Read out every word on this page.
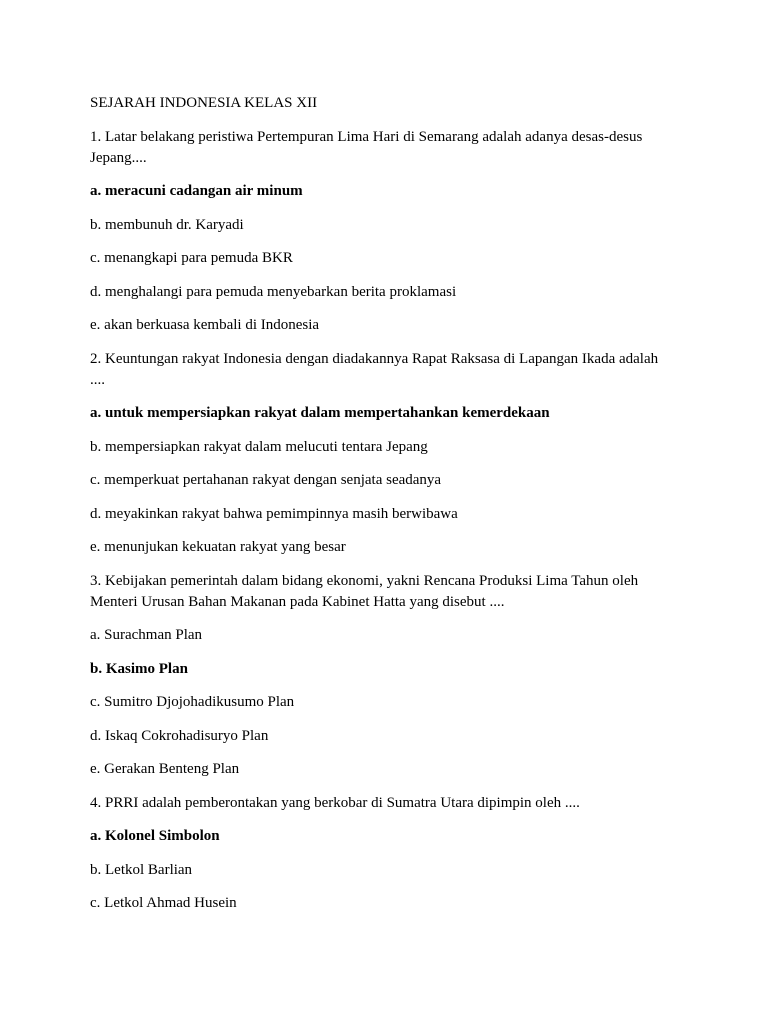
SEJARAH INDONESIA KELAS XII

1. Latar belakang peristiwa Pertempuran Lima Hari di Semarang adalah adanya desas-desus Jepang....

a. meracuni cadangan air minum

b. membunuh dr. Karyadi

c. menangkapi para pemuda BKR

d. menghalangi para pemuda menyebarkan berita proklamasi

e. akan berkuasa kembali di Indonesia

2. Keuntungan rakyat Indonesia dengan diadakannya Rapat Raksasa di Lapangan Ikada adalah ....

a. untuk mempersiapkan rakyat dalam mempertahankan kemerdekaan

b. mempersiapkan rakyat dalam melucuti tentara Jepang

c. memperkuat pertahanan rakyat dengan senjata seadanya

d. meyakinkan rakyat bahwa pemimpinnya masih berwibawa

e. menunjukan kekuatan rakyat yang besar

3. Kebijakan pemerintah dalam bidang ekonomi, yakni Rencana Produksi Lima Tahun oleh Menteri Urusan Bahan Makanan pada Kabinet Hatta yang disebut ....

a. Surachman Plan

b. Kasimo Plan

c. Sumitro Djojohadikusumo Plan

d. Iskaq Cokrohadisuryo Plan

e. Gerakan Benteng Plan

4. PRRI adalah pemberontakan yang berkobar di Sumatra Utara dipimpin oleh ....

a. Kolonel Simbolon

b. Letkol Barlian

c. Letkol Ahmad Husein
